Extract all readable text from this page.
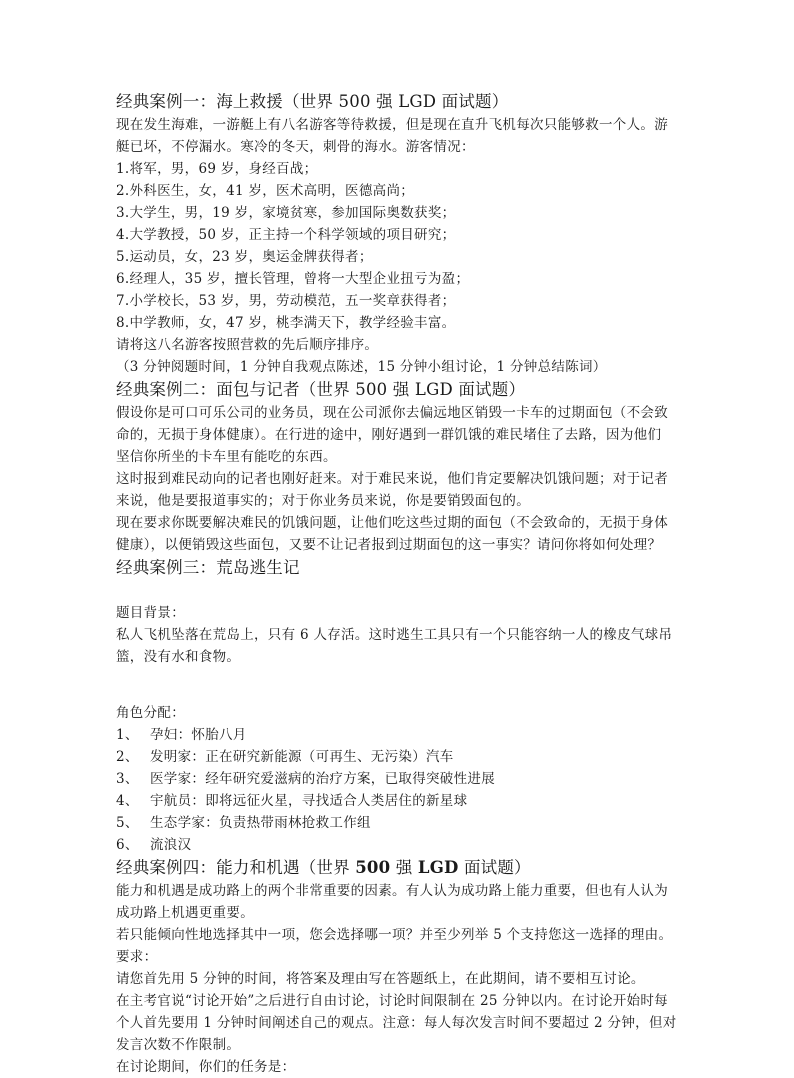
经典案例一：海上救援（世界 500 强 LGD 面试题）

现在发生海难，一游艇上有八名游客等待救援，但是现在直升飞机每次只能够救一个人。游

艇已坏，不停漏水。寒冷的冬天，刺骨的海水。游客情况：

1.将军，男，69 岁，身经百战；

2.外科医生，女，41 岁，医术高明，医德高尚；

3.大学生，男，19 岁，家境贫寒，参加国际奥数获奖；

4.大学教授，50 岁，正主持一个科学领域的项目研究；

5.运动员，女，23 岁，奥运金牌获得者；

6.经理人，35 岁，擅长管理，曾将一大型企业扭亏为盈；

7.小学校长，53 岁，男，劳动模范，五一奖章获得者；

8.中学教师，女，47 岁，桃李满天下，教学经验丰富。

请将这八名游客按照营救的先后顺序排序。

（3 分钟阅题时间，1 分钟自我观点陈述，15 分钟小组讨论，1 分钟总结陈词）

经典案例二：面包与记者（世界 500 强 LGD 面试题）

假设你是可口可乐公司的业务员，现在公司派你去偏远地区销毁一卡车的过期面包（不会致

命的，无损于身体健康）。在行进的途中，刚好遇到一群饥饿的难民堵住了去路，因为他们

坚信你所坐的卡车里有能吃的东西。

这时报到难民动向的记者也刚好赶来。对于难民来说，他们肯定要解决饥饿问题；对于记者

来说，他是要报道事实的；对于你业务员来说，你是要销毁面包的。

现在要求你既要解决难民的饥饿问题，让他们吃这些过期的面包（不会致命的，无损于身体

健康），以便销毁这些面包，又要不让记者报到过期面包的这一事实？请问你将如何处理？

经典案例三：荒岛逃生记

题目背景：

私人飞机坠落在荒岛上，只有 6 人存活。这时逃生工具只有一个只能容纳一人的橡皮气球吊

篮，没有水和食物。

角色分配：

1、 孕妇：怀胎八月
2、 发明家：正在研究新能源（可再生、无污染）汽车
3、 医学家：经年研究爱滋病的治疗方案，已取得突破性进展
4、 宇航员：即将远征火星，寻找适合人类居住的新星球
5、 生态学家：负责热带雨林抢救工作组
6、 流浪汉

经典案例四：能力和机遇（世界 500 强 LGD 面试题）

能力和机遇是成功路上的两个非常重要的因素。有人认为成功路上能力重要，但也有人认为

成功路上机遇更重要。

若只能倾向性地选择其中一项，您会选择哪一项？并至少列举 5 个支持您这一选择的理由。

要求：

请您首先用 5 分钟的时间，将答案及理由写在答题纸上，在此期间，请不要相互讨论。

在主考官说“讨论开始”之后进行自由讨论，讨论时间限制在 25 分钟以内。在讨论开始时每

个人首先要用 1 分钟时间阐述自己的观点。注意：每人每次发言时间不要超过 2 分钟，但对

发言次数不作限制。

在讨论期间，你们的任务是：
